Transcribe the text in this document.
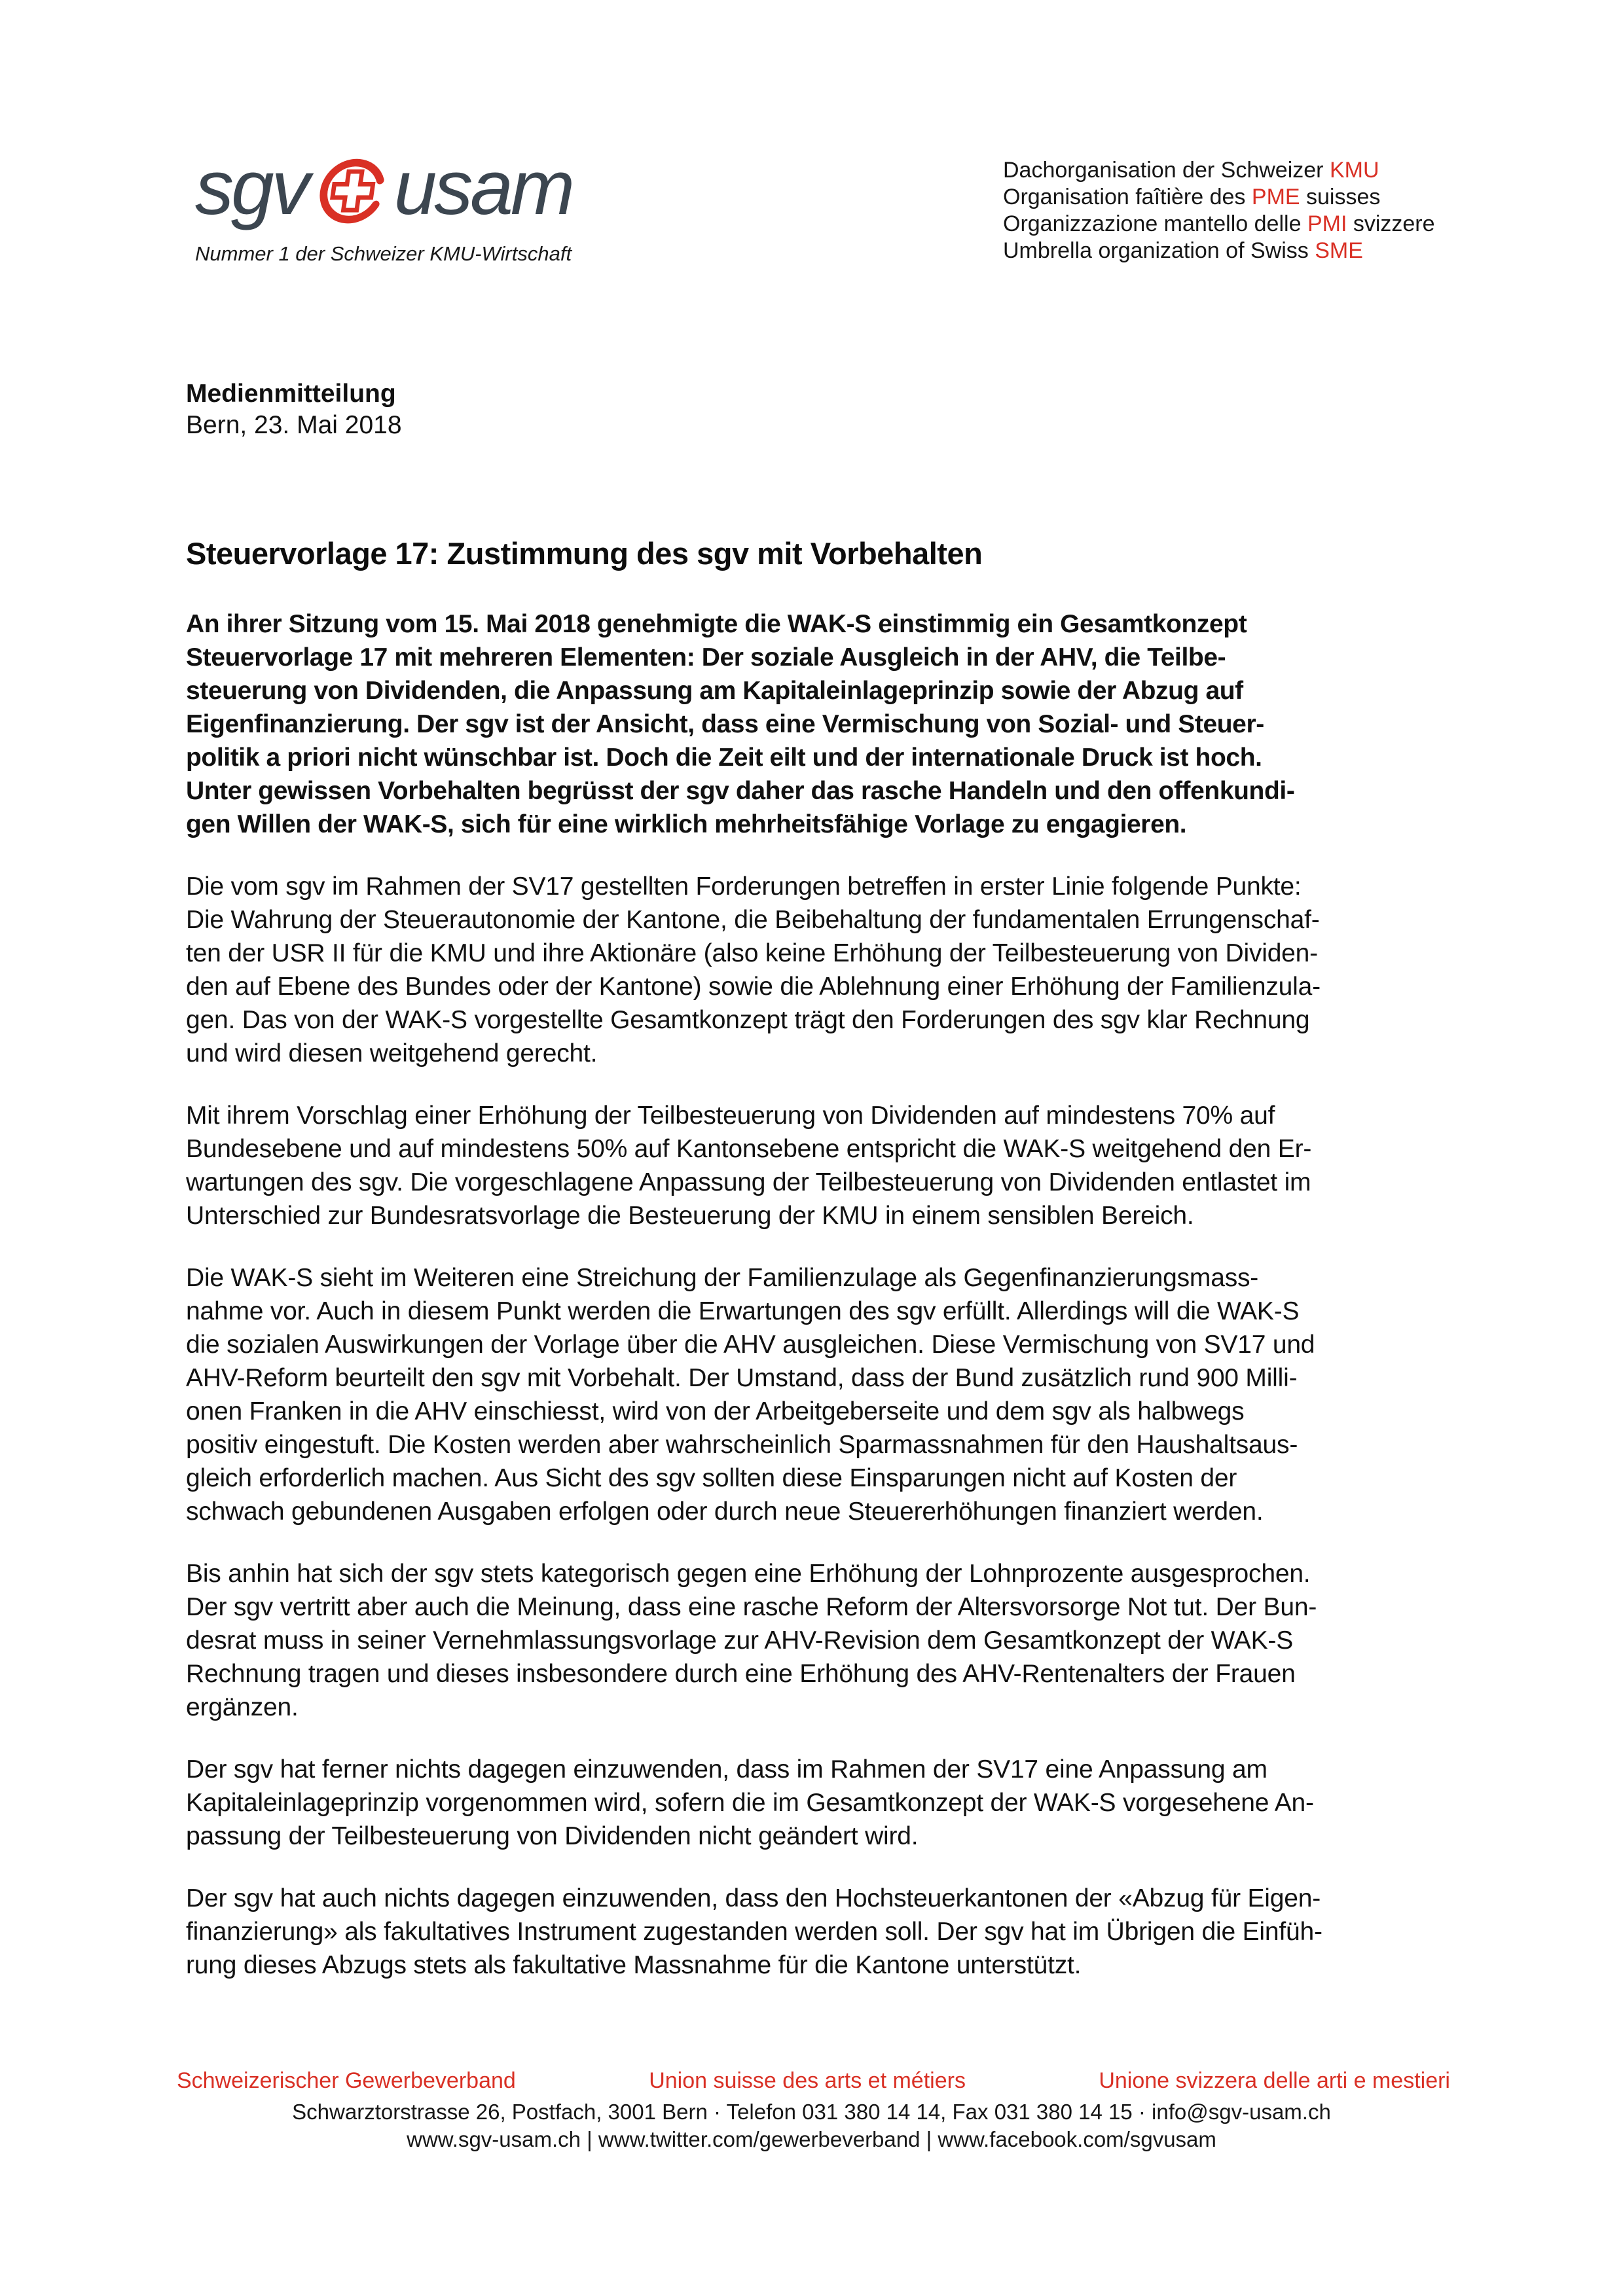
sgv usam
Nummer 1 der Schweizer KMU-Wirtschaft
Dachorganisation der Schweizer KMU
Organisation faîtière des PME suisses
Organizzazione mantello delle PMI svizzere
Umbrella organization of Swiss SME
Medienmitteilung
Bern, 23. Mai 2018
Steuervorlage 17: Zustimmung des sgv mit Vorbehalten

An ihrer Sitzung vom 15. Mai 2018 genehmigte die WAK-S einstimmig ein Gesamtkonzept
Steuervorlage 17 mit mehreren Elementen: Der soziale Ausgleich in der AHV, die Teilbe-
steuerung von Dividenden, die Anpassung am Kapitaleinlageprinzip sowie der Abzug auf
Eigenfinanzierung. Der sgv ist der Ansicht, dass eine Vermischung von Sozial- und Steuer-
politik a priori nicht wünschbar ist. Doch die Zeit eilt und der internationale Druck ist hoch.
Unter gewissen Vorbehalten begrüsst der sgv daher das rasche Handeln und den offenkundi-
gen Willen der WAK-S, sich für eine wirklich mehrheitsfähige Vorlage zu engagieren.

Die vom sgv im Rahmen der SV17 gestellten Forderungen betreffen in erster Linie folgende Punkte:
Die Wahrung der Steuerautonomie der Kantone, die Beibehaltung der fundamentalen Errungenschaf-
ten der USR II für die KMU und ihre Aktionäre (also keine Erhöhung der Teilbesteuerung von Dividen-
den auf Ebene des Bundes oder der Kantone) sowie die Ablehnung einer Erhöhung der Familienzula-
gen. Das von der WAK-S vorgestellte Gesamtkonzept trägt den Forderungen des sgv klar Rechnung
und wird diesen weitgehend gerecht.

Mit ihrem Vorschlag einer Erhöhung der Teilbesteuerung von Dividenden auf mindestens 70% auf
Bundesebene und auf mindestens 50% auf Kantonsebene entspricht die WAK-S weitgehend den Er-
wartungen des sgv. Die vorgeschlagene Anpassung der Teilbesteuerung von Dividenden entlastet im
Unterschied zur Bundesratsvorlage die Besteuerung der KMU in einem sensiblen Bereich.

Die WAK-S sieht im Weiteren eine Streichung der Familienzulage als Gegenfinanzierungsmass-
nahme vor. Auch in diesem Punkt werden die Erwartungen des sgv erfüllt. Allerdings will die WAK-S
die sozialen Auswirkungen der Vorlage über die AHV ausgleichen. Diese Vermischung von SV17 und
AHV-Reform beurteilt den sgv mit Vorbehalt. Der Umstand, dass der Bund zusätzlich rund 900 Milli-
onen Franken in die AHV einschiesst, wird von der Arbeitgeberseite und dem sgv als halbwegs
positiv eingestuft. Die Kosten werden aber wahrscheinlich Sparmassnahmen für den Haushaltsaus-
gleich erforderlich machen. Aus Sicht des sgv sollten diese Einsparungen nicht auf Kosten der
schwach gebundenen Ausgaben erfolgen oder durch neue Steuererhöhungen finanziert werden.

Bis anhin hat sich der sgv stets kategorisch gegen eine Erhöhung der Lohnprozente ausgesprochen.
Der sgv vertritt aber auch die Meinung, dass eine rasche Reform der Altersvorsorge Not tut. Der Bun-
desrat muss in seiner Vernehmlassungsvorlage zur AHV-Revision dem Gesamtkonzept der WAK-S
Rechnung tragen und dieses insbesondere durch eine Erhöhung des AHV-Rentenalters der Frauen
ergänzen.

Der sgv hat ferner nichts dagegen einzuwenden, dass im Rahmen der SV17 eine Anpassung am
Kapitaleinlageprinzip vorgenommen wird, sofern die im Gesamtkonzept der WAK-S vorgesehene An-
passung der Teilbesteuerung von Dividenden nicht geändert wird.

Der sgv hat auch nichts dagegen einzuwenden, dass den Hochsteuerkantonen der «Abzug für Eigen-
finanzierung» als fakultatives Instrument zugestanden werden soll. Der sgv hat im Übrigen die Einfüh-
rung dieses Abzugs stets als fakultative Massnahme für die Kantone unterstützt.

Schweizerischer Gewerbeverband	Union suisse des arts et métiers	Unione svizzera delle arti e mestieri
Schwarztorstrasse 26, Postfach, 3001 Bern · Telefon 031 380 14 14, Fax 031 380 14 15 · info@sgv-usam.ch
www.sgv-usam.ch | www.twitter.com/gewerbeverband | www.facebook.com/sgvusam
